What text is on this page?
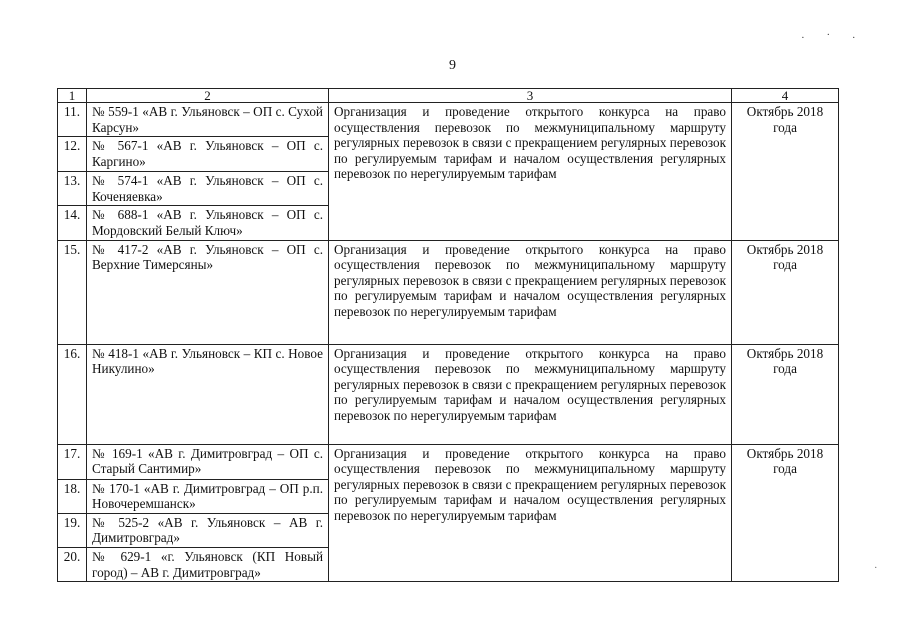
9
. · .
.
1	2	3	4
11.	№ 559-1 «АВ г. Ульяновск – ОП с. Сухой Карсун»	Организация и проведение открытого конкурса на право осуществления перевозок по межмуниципальному маршруту регулярных перевозок в связи с прекращением регулярных перевозок по регулируемым тарифам и началом осуществления регулярных перевозок по нерегулируемым тарифам	Октябрь 2018 года
12.	№ 567-1 «АВ г. Ульяновск – ОП с. Каргино»		
13.	№ 574-1 «АВ г. Ульяновск – ОП с. Коченяевка»		
14.	№ 688-1 «АВ г. Ульяновск – ОП с. Мордовский Белый Ключ»		
15.	№ 417-2 «АВ г. Ульяновск – ОП с. Верхние Тимерсяны»	Организация и проведение открытого конкурса на право осуществления перевозок по межмуниципальному маршруту регулярных перевозок в связи с прекращением регулярных перевозок по регулируемым тарифам и началом осуществления регулярных перевозок по нерегулируемым тарифам	Октябрь 2018 года
16.	№ 418-1 «АВ г. Ульяновск – КП с. Новое Никулино»	Организация и проведение открытого конкурса на право осуществления перевозок по межмуниципальному маршруту регулярных перевозок в связи с прекращением регулярных перевозок по регулируемым тарифам и началом осуществления регулярных перевозок по нерегулируемым тарифам	Октябрь 2018 года
17.	№ 169-1 «АВ г. Димитровград – ОП с. Старый Сантимир»	Организация и проведение открытого конкурса на право осуществления перевозок по межмуниципальному маршруту регулярных перевозок в связи с прекращением регулярных перевозок по регулируемым тарифам и началом осуществления регулярных перевозок по нерегулируемым тарифам	Октябрь 2018 года
18.	№ 170-1 «АВ г. Димитровград – ОП р.п. Новочеремшанск»		
19.	№ 525-2 «АВ г. Ульяновск – АВ г. Димитровград»		
20.	№ 629-1 «г. Ульяновск (КП Новый город) – АВ г. Димитровград»		
